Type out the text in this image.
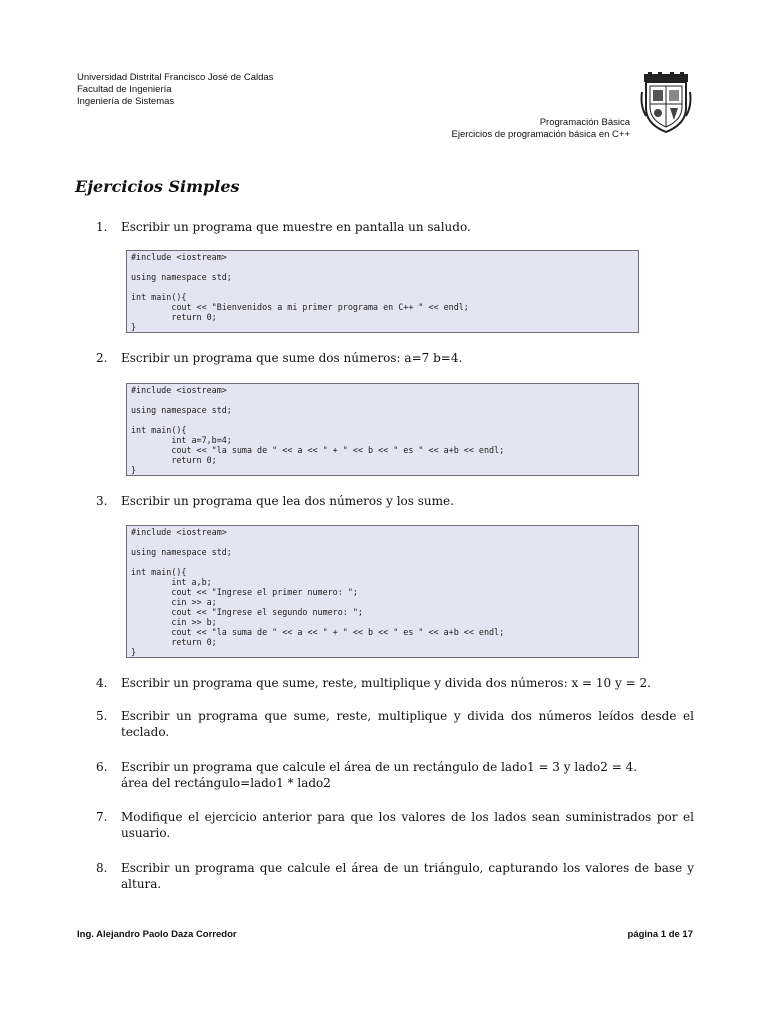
Universidad Distrital Francisco José de Caldas
Facultad de Ingeniería
Ingeniería de Sistemas
Programación Básica
Ejercicios de programación básica en C++
Ejercicios Simples
1. Escribir un programa que muestre en pantalla un saludo.
#include <iostream>

using namespace std;

int main(){
cout << "Bienvenidos a mi primer programa en C++ " << endl;
return 0;
}
2. Escribir un programa que sume dos números: a=7 b=4.
#include <iostream>

using namespace std;

int main(){
int a=7,b=4;
cout << "la suma de " << a << " + " << b << " es " << a+b << endl;
return 0;
}
3. Escribir un programa que lea dos números y los sume.
#include <iostream>

using namespace std;

int main(){
int a,b;
cout << "Ingrese el primer numero: ";
cin >> a;
cout << "Ingrese el segundo numero: ";
cin >> b;
cout << "la suma de " << a << " + " << b << " es " << a+b << endl;
return 0;
}
4. Escribir un programa que sume, reste, multiplique y divida dos números: x = 10 y = 2.
5. Escribir un programa que sume, reste, multiplique y divida dos números leídos desde el teclado.
6. Escribir un programa que calcule el área de un rectángulo de lado1 = 3 y lado2 = 4.
área del rectángulo=lado1 * lado2
7. Modifique el ejercicio anterior para que los valores de los lados sean suministrados por el usuario.
8. Escribir un programa que calcule el área de un triángulo, capturando los valores de base y altura.
Ing. Alejandro Paolo Daza Corredor	página 1 de 17
